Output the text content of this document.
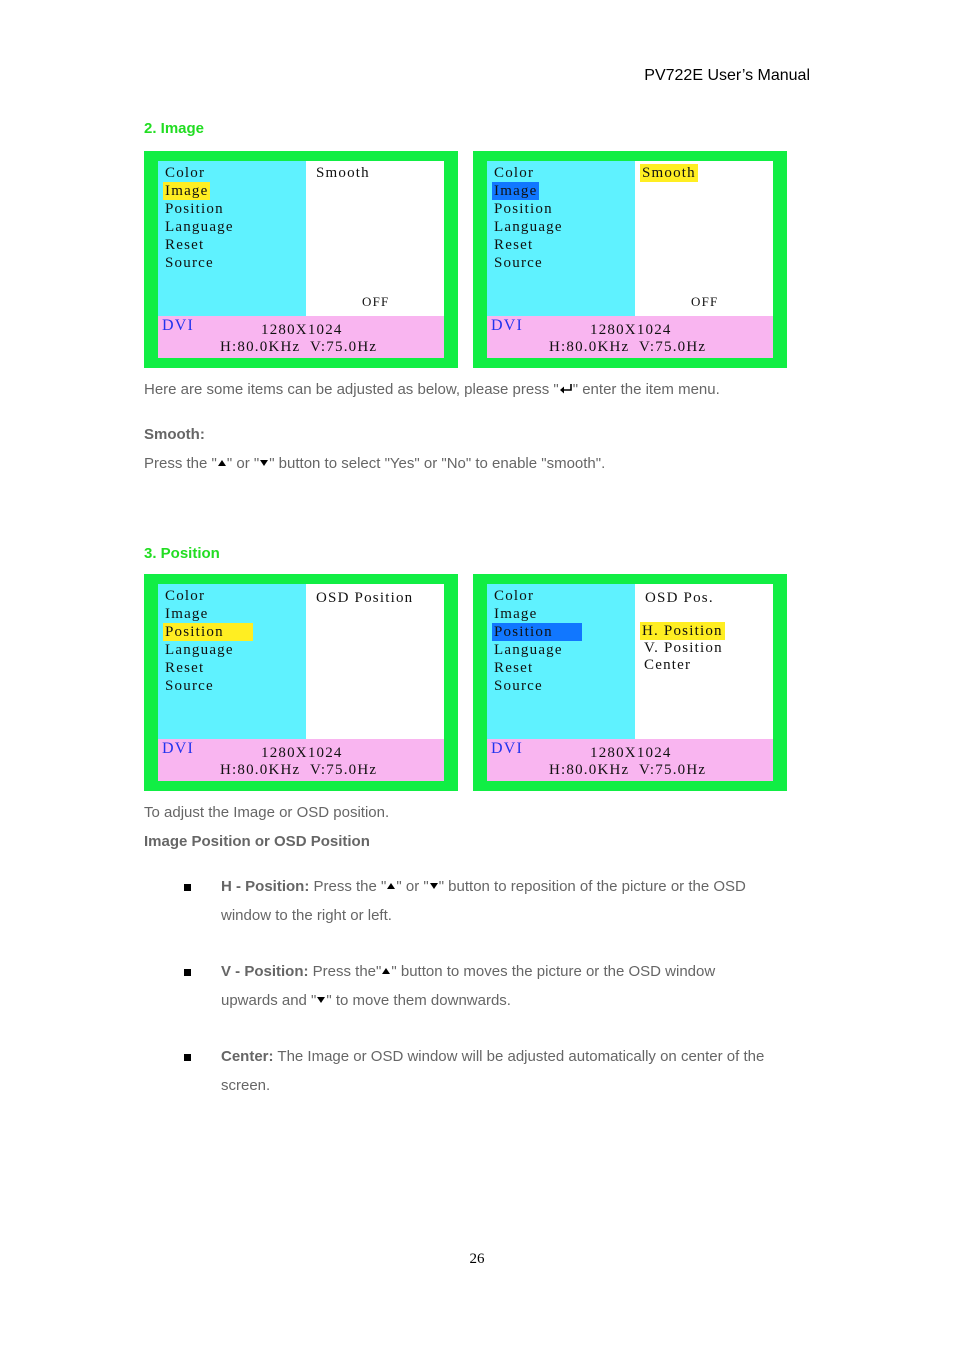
PV722E User’s Manual
2. Image
Color
Image
Position
Language
Reset
Source
Smooth
OFF
DVI	1280X1024
H:80.0KHz  V:75.0Hz
Color
Image
Position
Language
Reset
Source
Smooth
OFF
DVI	1280X1024
H:80.0KHz  V:75.0Hz
Here are some items can be adjusted as below, please press " " enter the item menu.
Smooth:
Press the " " or " " button to select "Yes" or "No" to enable "smooth".
3. Position
Color
Image
Position
Language
Reset
Source
OSD Position
DVI	1280X1024
H:80.0KHz  V:75.0Hz
Color
Image
Position
Language
Reset
Source
OSD Pos.
H. Position
V. Position
Center
DVI	1280X1024
H:80.0KHz  V:75.0Hz
To adjust the Image or OSD position.
Image Position or OSD Position
H - Position: Press the " " or " " button to reposition of the picture or the OSD
window to the right or left.
V - Position: Press the" " button to moves the picture or the OSD window
upwards and " " to move them downwards.
Center: The Image or OSD window will be adjusted automatically on center of the
screen.
26
